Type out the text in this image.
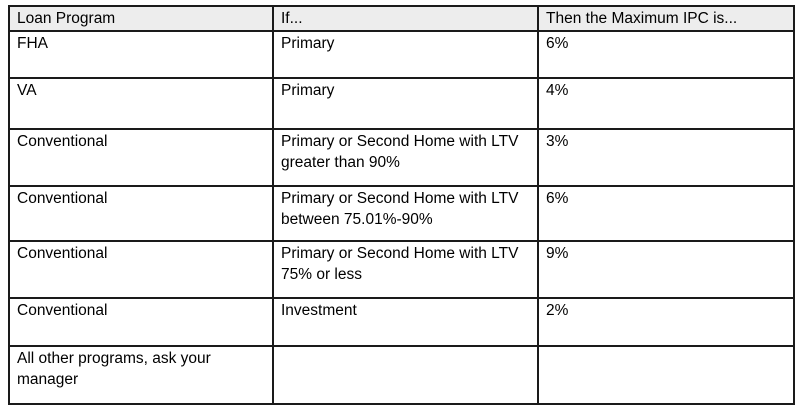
Loan Program	If...	Then the Maximum IPC is...
FHA	Primary	6%
VA	Primary	4%
Conventional	Primary or Second Home with LTV greater than 90%	3%
Conventional	Primary or Second Home with LTV between 75.01%-90%	6%
Conventional	Primary or Second Home with LTV 75% or less	9%
Conventional	Investment	2%
All other programs, ask your manager		
